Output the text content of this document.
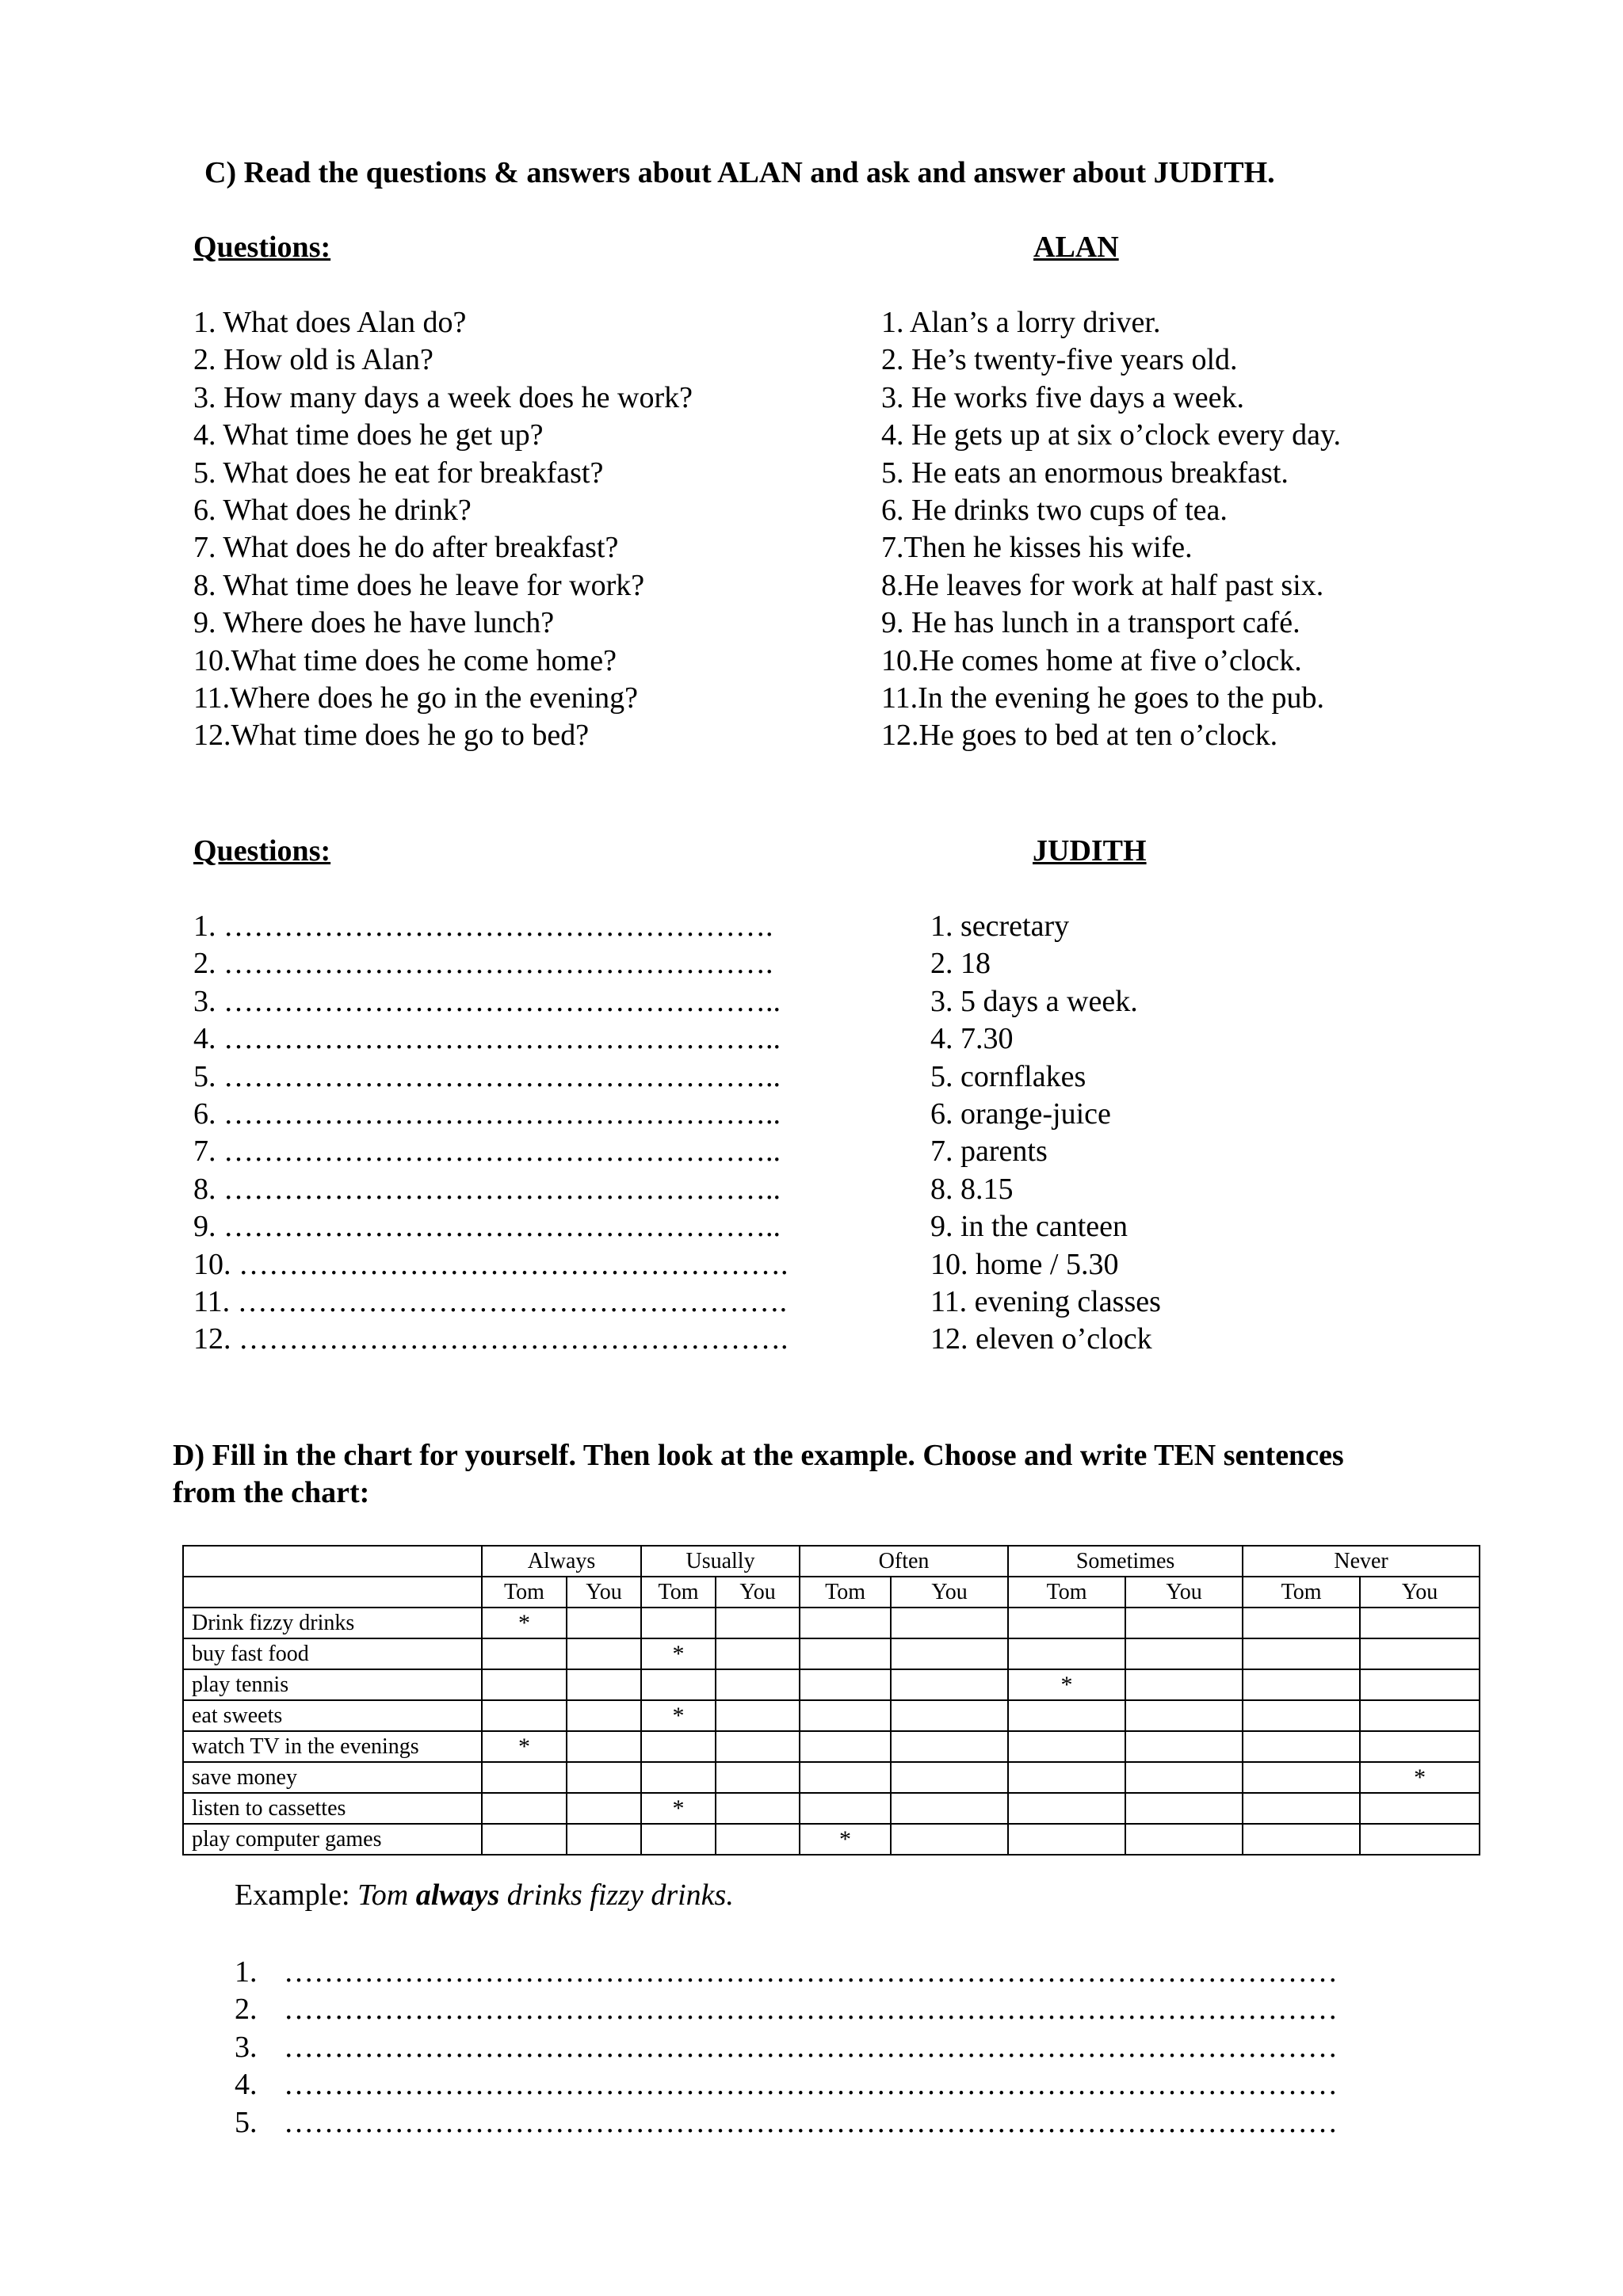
C) Read the questions & answers about ALAN and ask and answer about JUDITH.
Questions:	ALAN
1. What does Alan do?
2. How old is Alan?
3. How many days a week does he work?
4. What time does he get up?
5. What does he eat for breakfast?
6. What does he drink?
7. What does he do after breakfast?
8. What time does he leave for work?
9. Where does he have lunch?
10.What time does he come home?
11.Where does he go in the evening?
12.What time does he go to bed?
1. Alan’s a lorry driver.
2. He’s twenty-five years old.
3. He works five days a week.
4. He gets up at six o’clock every day.
5. He eats an enormous breakfast.
6. He drinks two cups of tea.
7.Then he kisses his wife.
8.He leaves for work at half past six.
9. He has lunch in a transport café.
10.He comes home at five o’clock.
11.In the evening he goes to the pub.
12.He goes to bed at ten o’clock.
Questions:	JUDITH
1. ……………………………………………….
2. ……………………………………………….
3. ………………………………………………..
4. ………………………………………………..
5. ………………………………………………..
6. ………………………………………………..
7. ………………………………………………..
8. ………………………………………………..
9. ………………………………………………..
10. ……………………………………………….
11. ……………………………………………….
12. ……………………………………………….
1. secretary
2. 18
3. 5 days a week.
4. 7.30
5. cornflakes
6. orange-juice
7. parents
8. 8.15
9. in the canteen
10. home / 5.30
11. evening classes
12. eleven o’clock
D) Fill in the chart for yourself. Then look at the example. Choose and write TEN sentences
from the chart:
	Always		Usually		Often		Sometimes		Never	
	Tom	You	Tom	You	Tom	You	Tom	You	Tom	You
Drink fizzy drinks	*									
buy fast food			*							
play tennis							*			
eat sweets			*							
watch TV in the evenings	*									
save money										*
listen to cassettes			*							
play computer games					*					
Example: Tom always drinks fizzy drinks.
1. ……………………………………………………………………………………………
2. ……………………………………………………………………………………………
3. ……………………………………………………………………………………………
4. ……………………………………………………………………………………………
5. ……………………………………………………………………………………………
